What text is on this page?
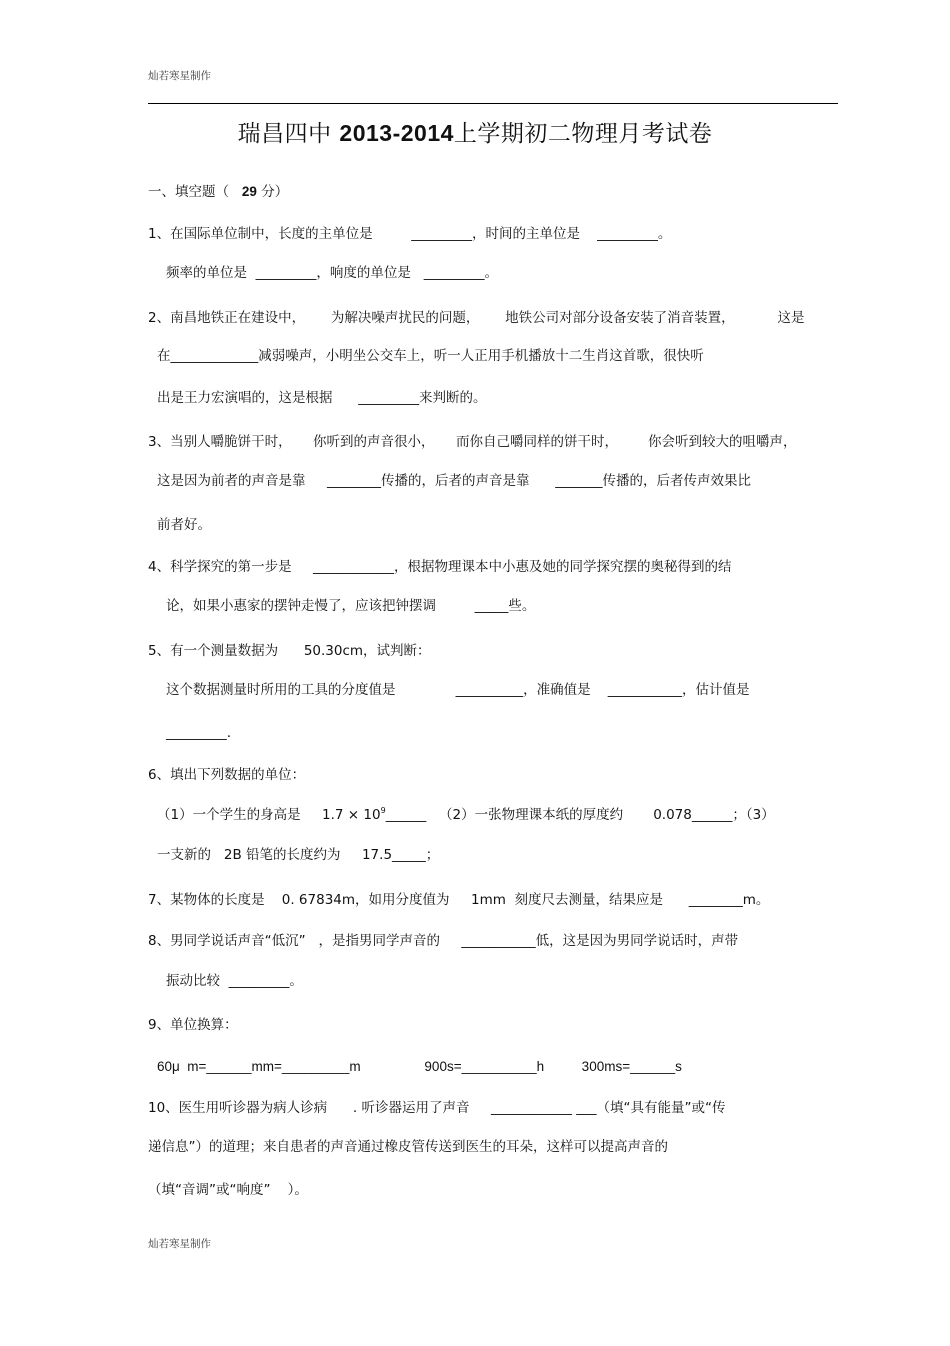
灿若寒星制作
瑞昌四中 2013-2014上学期初二物理月考试卷
一、填空题（   29 分）
1、在国际单位制中，长度的主单位是         _________，时间的主单位是    _________。
频率的单位是  _________，响度的单位是   _________。
2、南昌地铁正在建设中，      为解决噪声扰民的问题，      地铁公司对部分设备安装了消音装置，          这是
在_____________减弱噪声，小明坐公交车上，听一人正用手机播放十二生肖这首歌，很快听
出是王力宏演唱的，这是根据      _________来判断的。
3、当别人嚼脆饼干时，     你听到的声音很小，     而你自己嚼同样的饼干时，       你会听到较大的咀嚼声，
这是因为前者的声音是靠     ________传播的，后者的声音是靠      _______传播的，后者传声效果比
前者好。
4、科学探究的第一步是     ____________，根据物理课本中小惠及她的同学探究摆的奥秘得到的结
论，如果小惠家的摆钟走慢了，应该把钟摆调         _____些。
5、有一个测量数据为      50.30cm，试判断：
这个数据测量时所用的工具的分度值是              __________，准确值是    ___________，估计值是
_________.
6、填出下列数据的单位：
（1）一个学生的身高是     $1.7 \times 10^9\_\_\_\_\_\_$   （2）一张物理课本纸的厚度约       0.078______；（3）
一支新的   2B 铅笔的长度约为     17.5_____；
7、某物体的长度是    0. 67834m，如用分度值为     1mm  刻度尺去测量，结果应是      ________m。
8、男同学说话声音“低沉”   ，是指男同学声音的     ___________低，这是因为男同学说话时，声带
振动比较  _________。
9、单位换算：
60μ  m=______mm=_________m                 900s=__________h          300ms=______s
10、医生用听诊器为病人诊病      . 听诊器运用了声音     ____________ ___（填“具有能量”或“传
递信息”）的道理；来自患者的声音通过橡皮管传送到医生的耳朵，这样可以提高声音的
（填“音调”或“响度”    ）。
灿若寒星制作
